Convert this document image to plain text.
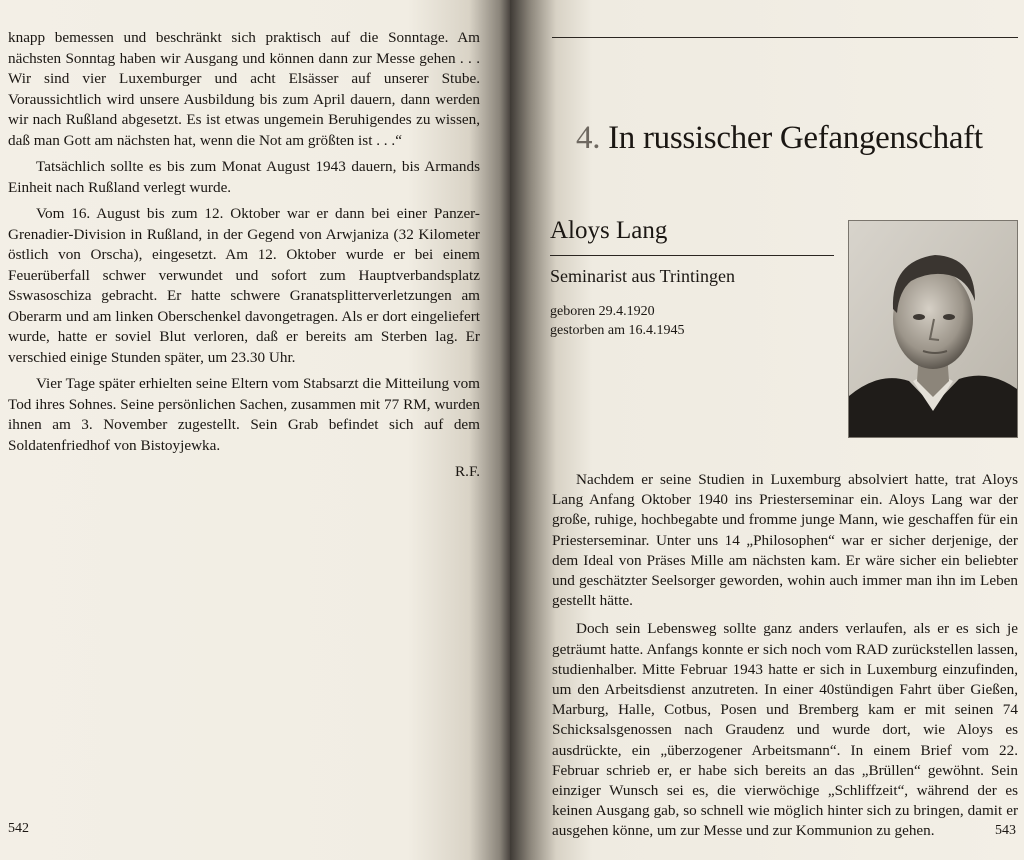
knapp bemessen und beschränkt sich praktisch auf die Sonntage. Am nächsten Sonntag haben wir Ausgang und können dann zur Messe gehen . . . Wir sind vier Luxemburger und acht Elsässer auf unserer Stube. Voraussichtlich wird unsere Ausbildung bis zum April dauern, dann werden wir nach Rußland abgesetzt. Es ist etwas ungemein Beruhigendes zu wissen, daß man Gott am nächsten hat, wenn die Not am größten ist . . .“

Tatsächlich sollte es bis zum Monat August 1943 dauern, bis Armands Einheit nach Rußland verlegt wurde.

Vom 16. August bis zum 12. Oktober war er dann bei einer Panzer-Grenadier-Division in Rußland, in der Gegend von Arwjaniza (32 Kilometer östlich von Orscha), eingesetzt. Am 12. Oktober wurde er bei einem Feuerüberfall schwer verwundet und sofort zum Hauptverbandsplatz Sswasoschiza gebracht. Er hatte schwere Granatsplitterverletzungen am Oberarm und am linken Oberschenkel davongetragen. Als er dort eingeliefert wurde, hatte er soviel Blut verloren, daß er bereits am Sterben lag. Er verschied einige Stunden später, um 23.30 Uhr.

Vier Tage später erhielten seine Eltern vom Stabsarzt die Mitteilung vom Tod ihres Sohnes. Seine persönlichen Sachen, zusammen mit 77 RM, wurden ihnen am 3. November zugestellt. Sein Grab befindet sich auf dem Soldatenfriedhof von Bistoyjewka.

R.F.

542
4. In russischer Gefangenschaft
Aloys Lang
Seminarist aus Trintingen
geboren 29.4.1920
gestorben am 16.4.1945

Nachdem er seine Studien in Luxemburg absolviert hatte, trat Aloys Lang Anfang Oktober 1940 ins Priesterseminar ein. Aloys Lang war der große, ruhige, hochbegabte und fromme junge Mann, wie geschaffen für ein Priesterseminar. Unter uns 14 „Philosophen“ war er sicher derjenige, der dem Ideal von Präses Mille am nächsten kam. Er wäre sicher ein beliebter und geschätzter Seelsorger geworden, wohin auch immer man ihn im Leben gestellt hätte.

Doch sein Lebensweg sollte ganz anders verlaufen, als er es sich je geträumt hatte. Anfangs konnte er sich noch vom RAD zurückstellen lassen, studienhalber. Mitte Februar 1943 hatte er sich in Luxemburg einzufinden, um den Arbeitsdienst anzutreten. In einer 40stündigen Fahrt über Gießen, Marburg, Halle, Cotbus, Posen und Bremberg kam er mit seinen 74 Schicksalsgenossen nach Graudenz und wurde dort, wie Aloys es ausdrückte, ein „überzogener Arbeitsmann“. In einem Brief vom 22. Februar schrieb er, er habe sich bereits an das „Brüllen“ gewöhnt. Sein einziger Wunsch sei es, die vierwöchige „Schliffzeit“, während der es keinen Ausgang gab, so schnell wie möglich hinter sich zu bringen, damit er ausgehen könne, um zur Messe und zur Kommunion zu gehen.	543
